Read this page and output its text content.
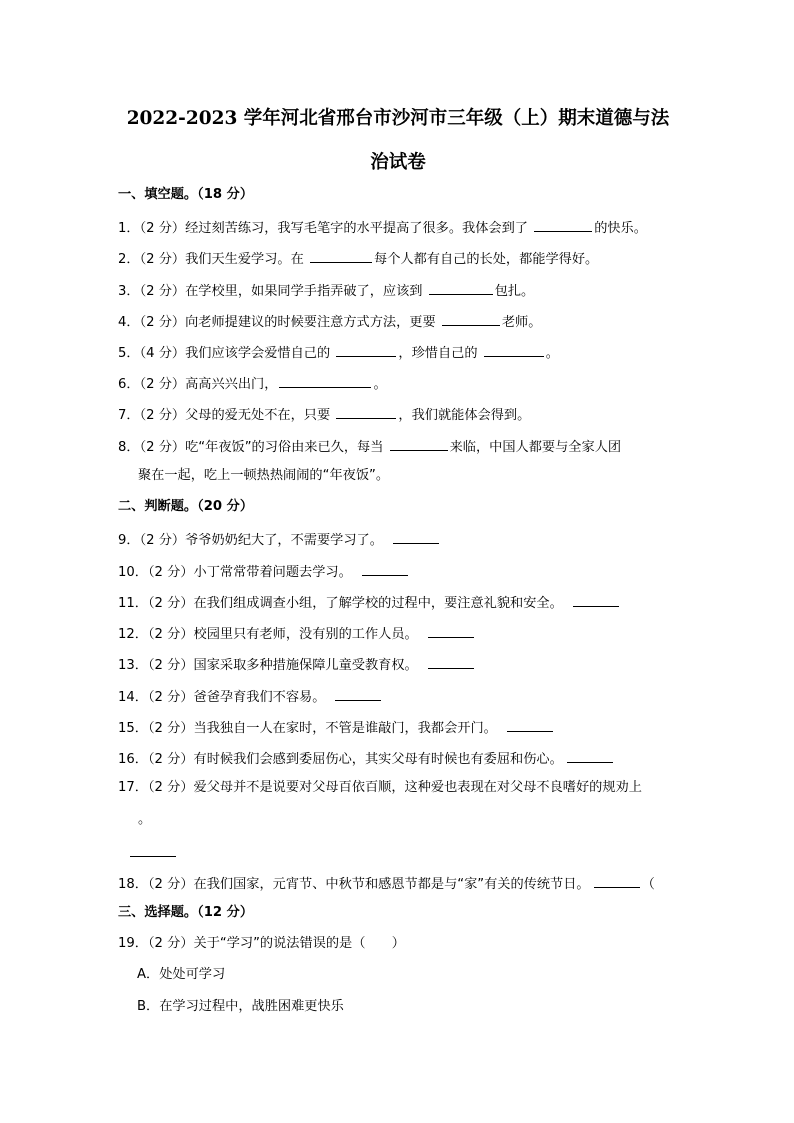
2022-2023 学年河北省邢台市沙河市三年级（上）期末道德与法
治试卷
一、填空题。（18 分）
1．（2 分）经过刻苦练习，我写毛笔字的水平提高了很多。我体会到了	的快乐。
2．（2 分）我们天生爱学习。在	每个人都有自己的长处，都能学得好。
3．（2 分）在学校里，如果同学手指弄破了，应该到	包扎。
4．（2 分）向老师提建议的时候要注意方式方法，更要	老师。
5．（4 分）我们应该学会爱惜自己的	，珍惜自己的	。
6．（2 分）高高兴兴出门，	。
7．（2 分）父母的爱无处不在，只要	，我们就能体会得到。
8．（2 分）吃“年夜饭”的习俗由来已久，每当	来临，中国人都要与全家人团
聚在一起，吃上一顿热热闹闹的“年夜饭”。
二、判断题。（20 分）
9．（2 分）爷爷奶奶纪大了，不需要学习了。
10．（2 分）小丁常常带着问题去学习。
11．（2 分）在我们组成调查小组，了解学校的过程中，要注意礼貌和安全。
12．（2 分）校园里只有老师，没有别的工作人员。
13．（2 分）国家采取多种措施保障儿童受教育权。
14．（2 分）爸爸孕育我们不容易。
15．（2 分）当我独自一人在家时，不管是谁敲门，我都会开门。
16．（2 分）有时候我们会感到委屈伤心，其实父母有时候也有委屈和伤心。
17．（2 分）爱父母并不是说要对父母百依百顺，这种爱也表现在对父母不良嗜好的规劝上
。
18．（2 分）在我们国家，元宵节、中秋节和感恩节都是与“家”有关的传统节日。	（
三、选择题。（12 分）
19．（2 分）关于“学习”的说法错误的是（　　）
A．处处可学习
B．在学习过程中，战胜困难更快乐
